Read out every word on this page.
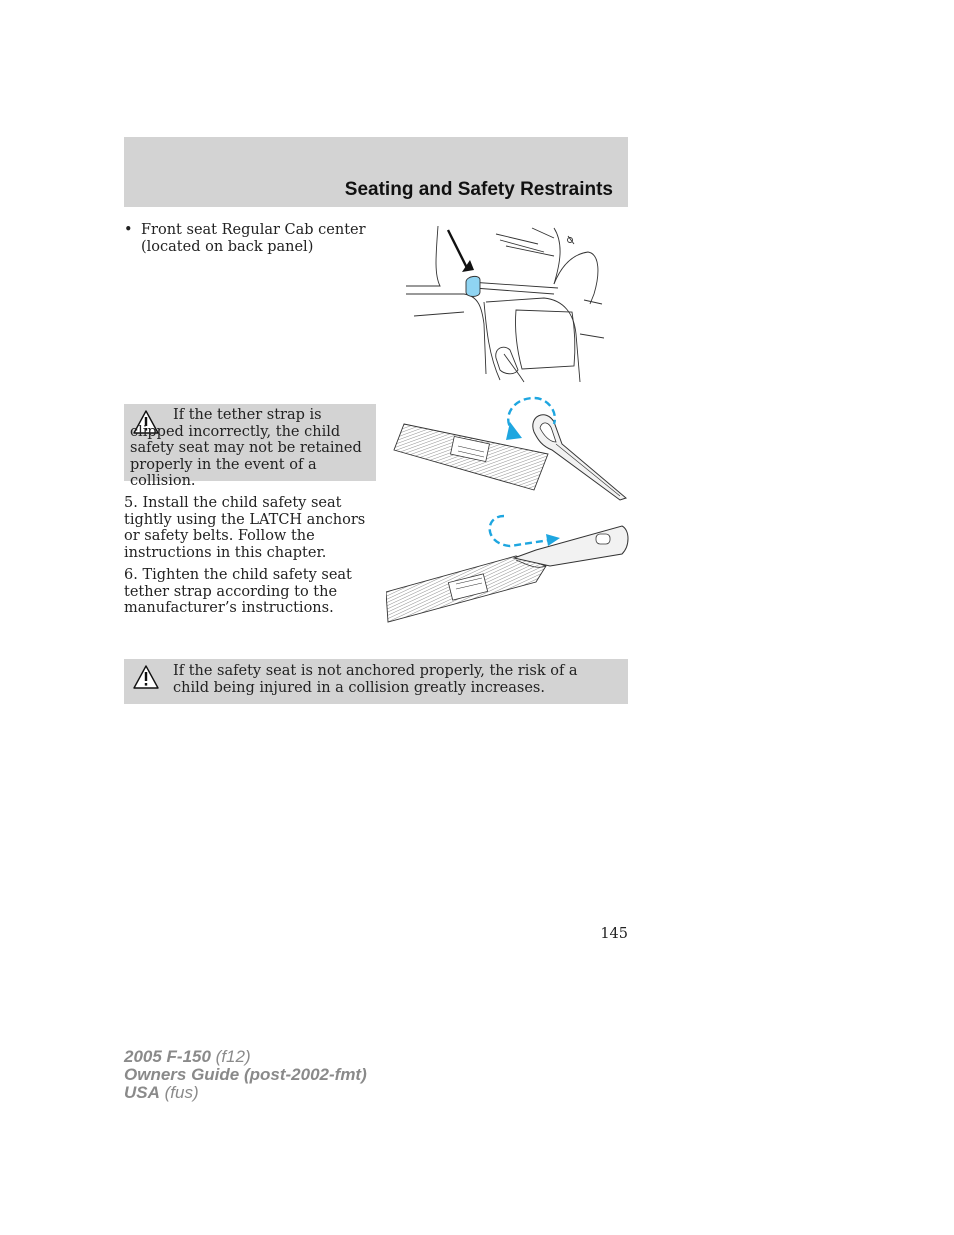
Seating and Safety Restraints
• Front seat Regular Cab center (located on back panel)
If the tether strap is clipped incorrectly, the child safety seat may not be retained properly in the event of a collision.
5. Install the child safety seat tightly using the LATCH anchors or safety belts. Follow the instructions in this chapter.
6. Tighten the child safety seat tether strap according to the manufacturer’s instructions.
If the safety seat is not anchored properly, the risk of a child being injured in a collision greatly increases.
145
2005 F-150 (f12)
Owners Guide (post-2002-fmt)
USA (fus)
